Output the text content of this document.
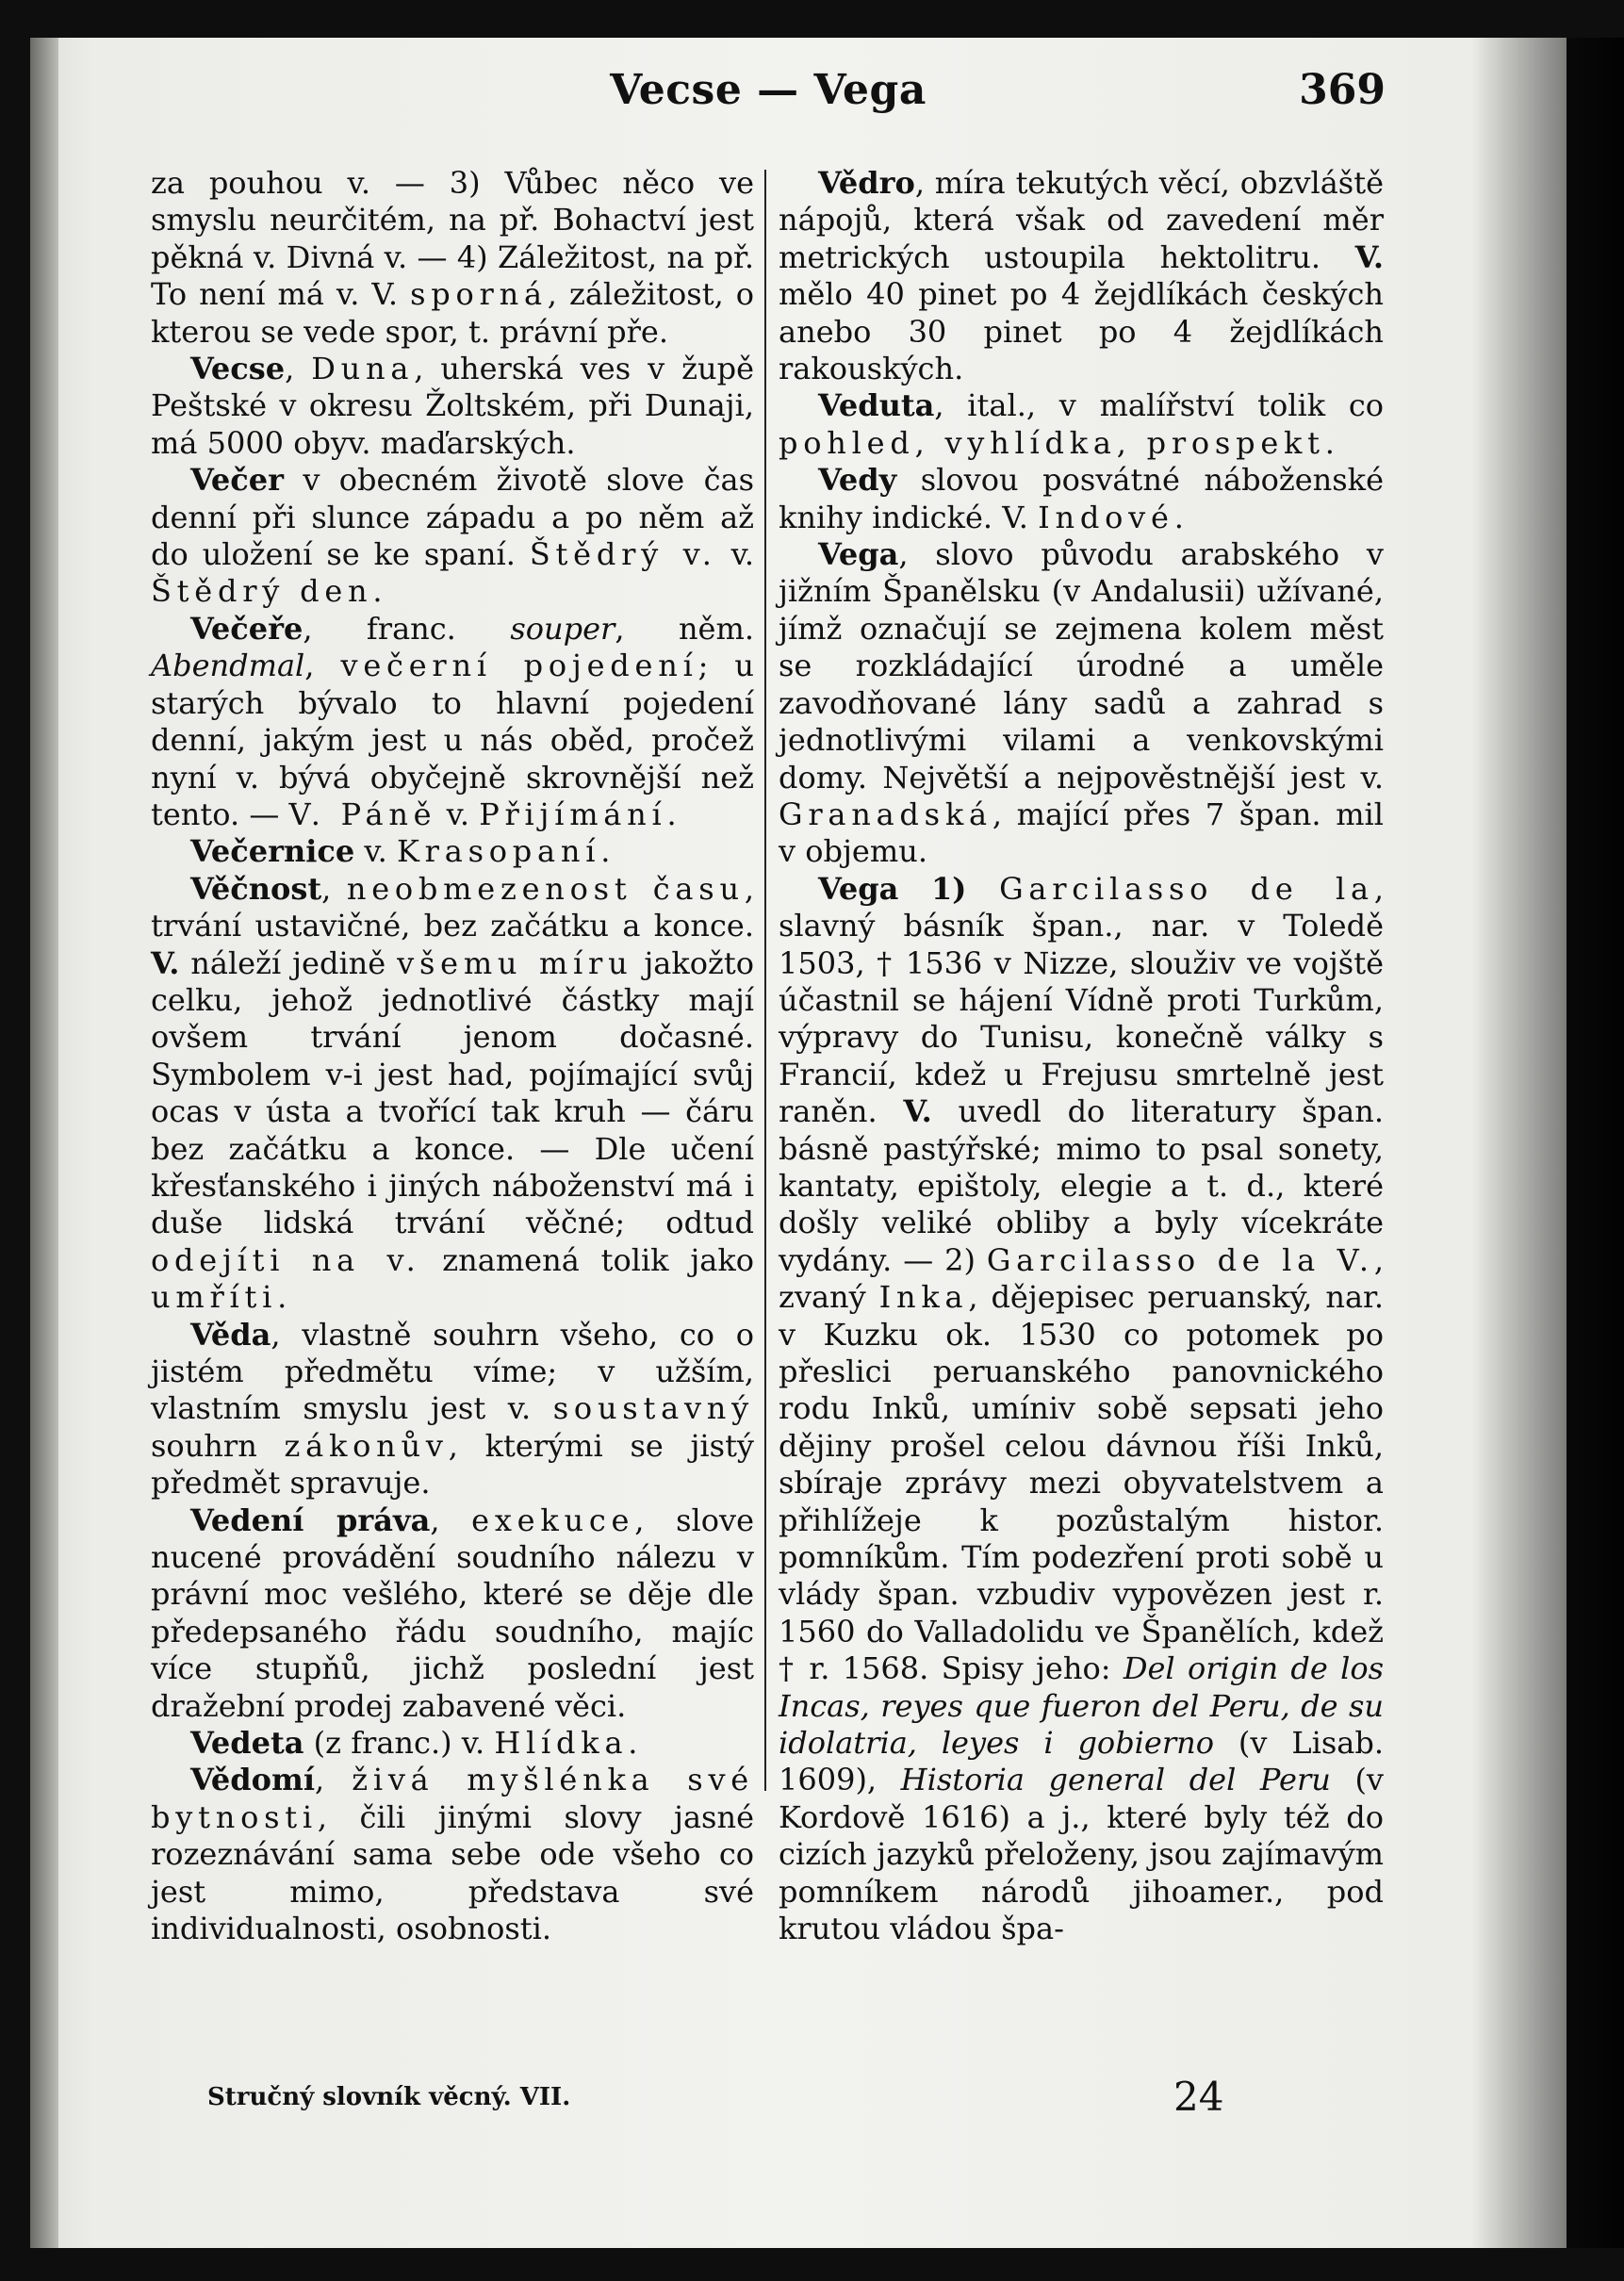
Vecse — Vega	369

za pouhou v. — 3) Vůbec něco ve smyslu neurčitém, na př. Bohactví jest pěkná v. Divná v. — 4) Záležitost, na př. To není má v. V. sporná, záležitost, o kterou se vede spor, t. právní pře.

Vecse, Duna, uherská ves v župě Peštské v okresu Žoltském, při Dunaji, má 5000 obyv. maďarských.

Večer v obecném životě slove čas denní při slunce západu a po něm až do uložení se ke spaní. Štědrý v. v. Štědrý den.

Večeře, franc. souper, něm. Abendmal, večerní pojedení; u starých bývalo to hlavní pojedení denní, jakým jest u nás oběd, pročež nyní v. bývá obyčejně skrovnější než tento. — V. Páně v. Přijímání.

Večernice v. Krasopaní.

Věčnost, neobmezenost času, trvání ustavičné, bez začátku a konce. V. náleží jedině všemu míru jakožto celku, jehož jednotlivé částky mají ovšem trvání jenom dočasné. Symbolem v-i jest had, pojímající svůj ocas v ústa a tvořící tak kruh — čáru bez začátku a konce. — Dle učení křesťanského i jiných náboženství má i duše lidská trvání věčné; odtud odejíti na v. znamená tolik jako umříti.

Věda, vlastně souhrn všeho, co o jistém předmětu víme; v užším, vlastním smyslu jest v. soustavný souhrn zákonův, kterými se jistý předmět spravuje.

Vedení práva, exekuce, slove nucené provádění soudního nálezu v právní moc vešlého, které se děje dle předepsaného řádu soudního, majíc více stupňů, jichž poslední jest dražební prodej zabavené věci.

Vedeta (z franc.) v. Hlídka.

Vědomí, živá myšlénka své bytnosti, čili jinými slovy jasné rozeznávání sama sebe ode všeho co jest mimo, představa své individualnosti, osobnosti.

Vědro, míra tekutých věcí, obzvláště nápojů, která však od zavedení měr metrických ustoupila hektolitru. V. mělo 40 pinet po 4 žejdlíkách českých anebo 30 pinet po 4 žejdlíkách rakouských.

Veduta, ital., v malířství tolik co pohled, vyhlídka, prospekt.

Vedy slovou posvátné náboženské knihy indické. V. Indové.

Vega, slovo původu arabského v jižním Španělsku (v Andalusii) užívané, jímž označují se zejmena kolem měst se rozkládající úrodné a uměle zavodňované lány sadů a zahrad s jednotlivými vilami a venkovskými domy. Největší a nejpověstnější jest v. Granadská, mající přes 7 špan. mil v objemu.

Vega 1) Garcilasso de la, slavný básník špan., nar. v Toledě 1503, † 1536 v Nizze, slouživ ve vojště účastnil se hájení Vídně proti Turkům, výpravy do Tunisu, konečně války s Francií, kdež u Frejusu smrtelně jest raněn. V. uvedl do literatury špan. básně pastýřské; mimo to psal sonety, kantaty, epištoly, elegie a t. d., které došly veliké obliby a byly vícekráte vydány. — 2) Garcilasso de la V., zvaný Inka, dějepisec peruanský, nar. v Kuzku ok. 1530 co potomek po přeslici peruanského panovnického rodu Inků, umíniv sobě sepsati jeho dějiny prošel celou dávnou říši Inků, sbíraje zprávy mezi obyvatelstvem a přihlížeje k pozůstalým histor. pomníkům. Tím podezření proti sobě u vlády špan. vzbudiv vypovězen jest r. 1560 do Valladolidu ve Španělích, kdež † r. 1568. Spisy jeho: Del origin de los Incas, reyes que fueron del Peru, de su idolatria, leyes i gobierno (v Lisab. 1609), Historia general del Peru (v Kordově 1616) a j., které byly též do cizích jazyků přeloženy, jsou zajímavým pomníkem národů jihoamer., pod krutou vládou špa-

Stručný slovník věcný. VII.	24
